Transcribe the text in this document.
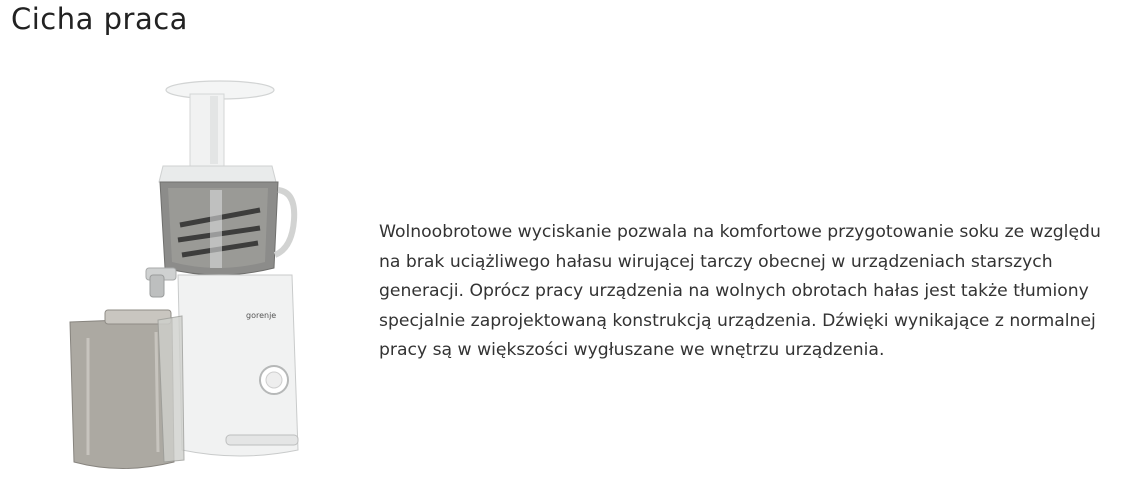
Cicha praca
gorenje

Wolnoobrotowe wyciskanie pozwala na komfortowe przygotowanie soku ze względu na brak uciążliwego hałasu wirującej tarczy obecnej w urządzeniach starszych generacji. Oprócz pracy urządzenia na wolnych obrotach hałas jest także tłumiony specjalnie zaprojektowaną konstrukcją urządzenia. Dźwięki wynikające z normalnej pracy są w większości wygłuszane we wnętrzu urządzenia.
